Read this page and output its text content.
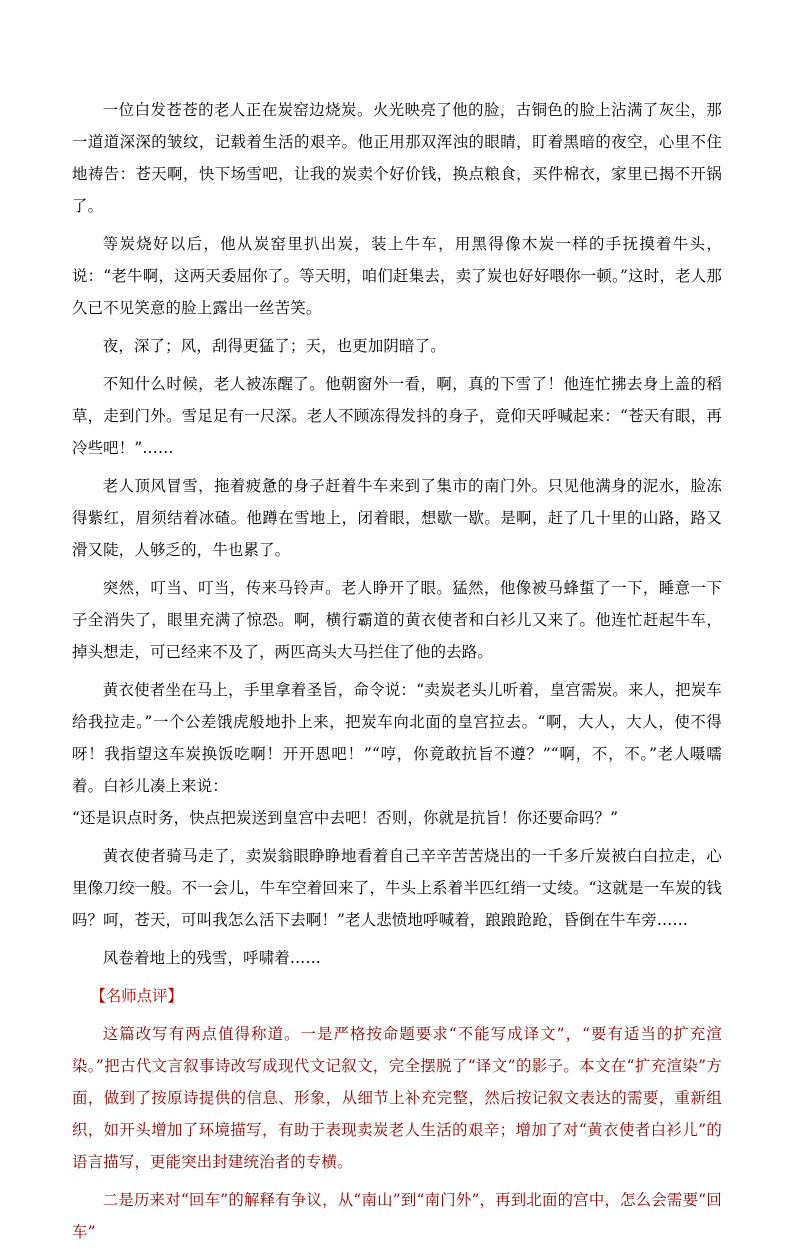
一位白发苍苍的老人正在炭窑边烧炭。火光映亮了他的脸，古铜色的脸上沾满了灰尘，那一道道深深的皱纹，记载着生活的艰辛。他正用那双浑浊的眼睛，盯着黑暗的夜空，心里不住地祷告：苍天啊，快下场雪吧，让我的炭卖个好价钱，换点粮食，买件棉衣，家里已揭不开锅了。

等炭烧好以后，他从炭窑里扒出炭，装上牛车，用黑得像木炭一样的手抚摸着牛头，说：“老牛啊，这两天委屈你了。等天明，咱们赶集去，卖了炭也好好喂你一顿。”这时，老人那久已不见笑意的脸上露出一丝苦笑。

夜，深了；风，刮得更猛了；天，也更加阴暗了。

不知什么时候，老人被冻醒了。他朝窗外一看，啊，真的下雪了！他连忙拂去身上盖的稻草，走到门外。雪足足有一尺深。老人不顾冻得发抖的身子，竟仰天呼喊起来：“苍天有眼，再冷些吧！”……

老人顶风冒雪，拖着疲惫的身子赶着牛车来到了集市的南门外。只见他满身的泥水，脸冻得紫红，眉须结着冰碴。他蹲在雪地上，闭着眼，想歇一歇。是啊，赶了几十里的山路，路又滑又陡，人够乏的，牛也累了。

突然，叮当、叮当，传来马铃声。老人睁开了眼。猛然，他像被马蜂蜇了一下，睡意一下子全消失了，眼里充满了惊恐。啊，横行霸道的黄衣使者和白衫儿又来了。他连忙赶起牛车，掉头想走，可已经来不及了，两匹高头大马拦住了他的去路。

黄衣使者坐在马上，手里拿着圣旨，命令说：“卖炭老头儿听着，皇宫需炭。来人，把炭车给我拉走。”一个公差饿虎般地扑上来，把炭车向北面的皇宫拉去。“啊，大人，大人，使不得呀！我指望这车炭换饭吃啊！开开恩吧！”“哼，你竟敢抗旨不遵？”“啊，不，不。”老人嗫嚅着。白衫儿凑上来说：

“还是识点时务，快点把炭送到皇宫中去吧！否则，你就是抗旨！你还要命吗？”

黄衣使者骑马走了，卖炭翁眼睁睁地看着自己辛辛苦苦烧出的一千多斤炭被白白拉走，心里像刀绞一般。不一会儿，牛车空着回来了，牛头上系着半匹红绡一丈绫。“这就是一车炭的钱吗？呵，苍天，可叫我怎么活下去啊！”老人悲愤地呼喊着，踉踉跄跄，昏倒在牛车旁……

风卷着地上的残雪，呼啸着……

【名师点评】

这篇改写有两点值得称道。一是严格按命题要求“不能写成译文”，“要有适当的扩充渲染。”把古代文言叙事诗改写成现代文记叙文，完全摆脱了“译文”的影子。本文在“扩充渲染”方面，做到了按原诗提供的信息、形象，从细节上补充完整，然后按记叙文表达的需要，重新组织，如开头增加了环境描写，有助于表现卖炭老人生活的艰辛；增加了对“黄衣使者白衫儿”的语言描写，更能突出封建统治者的专横。

二是历来对“回车”的解释有争议，从“南山”到“南门外”，再到北面的宫中，怎么会需要“回车”
